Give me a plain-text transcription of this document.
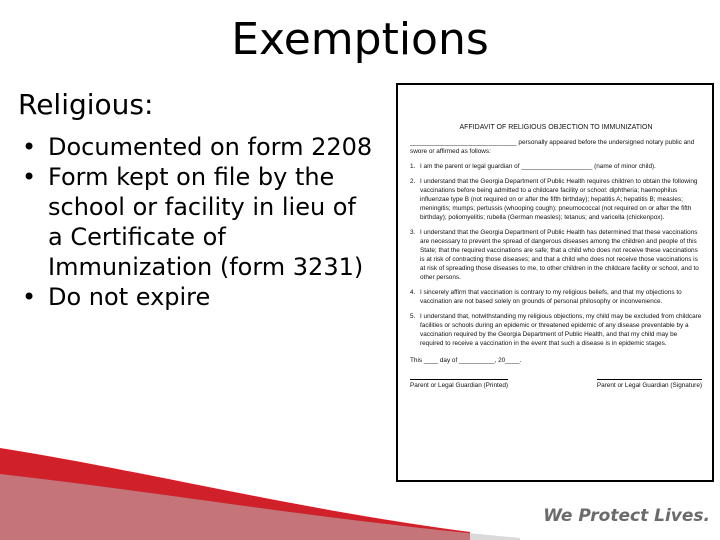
Exemptions
Religious:
• Documented on form 2208
• Form kept on file by the school or facility in lieu of a Certificate of Immunization (form 3231)
• Do not expire
AFFIDAVIT OF RELIGIOUS OBJECTION TO IMMUNIZATION
______________________________ personally appeared before the undersigned notary public and
swore or affirmed as follows:
1. I am the parent or legal guardian of ____________________ (name of minor child).
2. I understand that the Georgia Department of Public Health requires children to obtain the following vaccinations before being admitted to a childcare facility or school: diphtheria; haemophilus influenzae type B (not required on or after the fifth birthday); hepatitis A; hepatitis B; measles; meningitis; mumps; pertussis (whooping cough); pneumococcal (not required on or after the fifth birthday); poliomyelitis; rubella (German measles); tetanus; and varicella (chickenpox).
3. I understand that the Georgia Department of Public Health has determined that these vaccinations are necessary to prevent the spread of dangerous diseases among the children and people of this State; that the required vaccinations are safe; that a child who does not receive these vaccinations is at risk of contracting those diseases; and that a child who does not receive those vaccinations is at risk of spreading those diseases to me, to other children in the childcare facility or school, and to other persons.
4. I sincerely affirm that vaccination is contrary to my religious beliefs, and that my objections to vaccination are not based solely on grounds of personal philosophy or inconvenience.
5. I understand that, notwithstanding my religious objections, my child may be excluded from childcare facilities or schools during an epidemic or threatened epidemic of any disease preventable by a vaccination required by the Georgia Department of Public Health, and that my child may be required to receive a vaccination in the event that such a disease is in epidemic stages.
This ____ day of __________, 20____.
Parent or Legal Guardian (Printed)	Parent or Legal Guardian (Signature)
We Protect Lives.
